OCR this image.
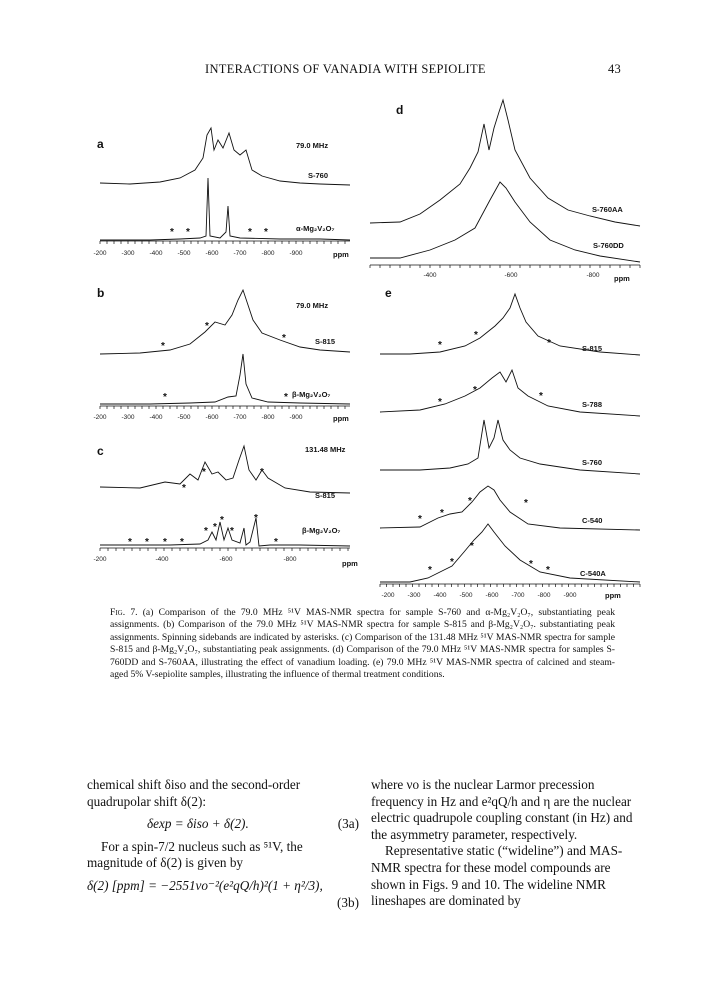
INTERACTIONS OF VANADIA WITH SEPIOLITE	43
a
b
c
d
e
79.0 MHz
S-760
α-Mg₂V₂O₇
79.0 MHz
S-815
β-Mg₂V₂O₇
131.48 MHz
S-815
β-Mg₂V₂O₇
S-760AA
S-760DD
S-815
S-788
S-760
C-540
C-540A
ppm
ppm
ppm
ppm
ppm
-200 -300 -400 -500 -600 -700 -800 -900
-200 -300 -400 -500 -600 -700 -800 -900
-200	-400	-600	-800
-400	-600	-800
-200 -300 -400 -500 -600 -700 -800 -900
* *	* *
*
*
*
*	*
*
*	*
* * * *
* *
*
*
*
*
*
*
*
*
*
*
*
*
*	*
*
*
*
*
*
Fig. 7. (a) Comparison of the 79.0 MHz ⁵¹V MAS-NMR spectra for sample S-760 and α-Mg₂V₂O₇, substantiating peak assignments. (b) Comparison of the 79.0 MHz ⁵¹V MAS-NMR spectra for sample S-815 and β-Mg₂V₂O₇. substantiating peak assignments. Spinning sidebands are indicated by asterisks. (c) Comparison of the 131.48 MHz ⁵¹V MAS-NMR spectra for sample S-815 and β-Mg₂V₂O₇, substantiating peak assignments. (d) Comparison of the 79.0 MHz ⁵¹V MAS-NMR spectra for samples S-760DD and S-760AA, illustrating the effect of vanadium loading. (e) 79.0 MHz ⁵¹V MAS-NMR spectra of calcined and steam-aged 5% V-sepiolite samples, illustrating the influence of thermal treatment conditions.

chemical shift δiso and the second-order quadrupolar shift δ(2):

δexp = δiso + δ(2).	(3a)

For a spin-7/2 nucleus such as ⁵¹V, the magnitude of δ(2) is given by

δ(2) [ppm] = −2551νo⁻²(e²qQ/h)²(1 + η²/3),

(3b)

where νo is the nuclear Larmor precession frequency in Hz and e²qQ/h and η are the nuclear electric quadrupole coupling constant (in Hz) and the asymmetry parameter, respectively.

Representative static (“wideline”) and MAS-NMR spectra for these model compounds are shown in Figs. 9 and 10. The wideline NMR lineshapes are dominated by
